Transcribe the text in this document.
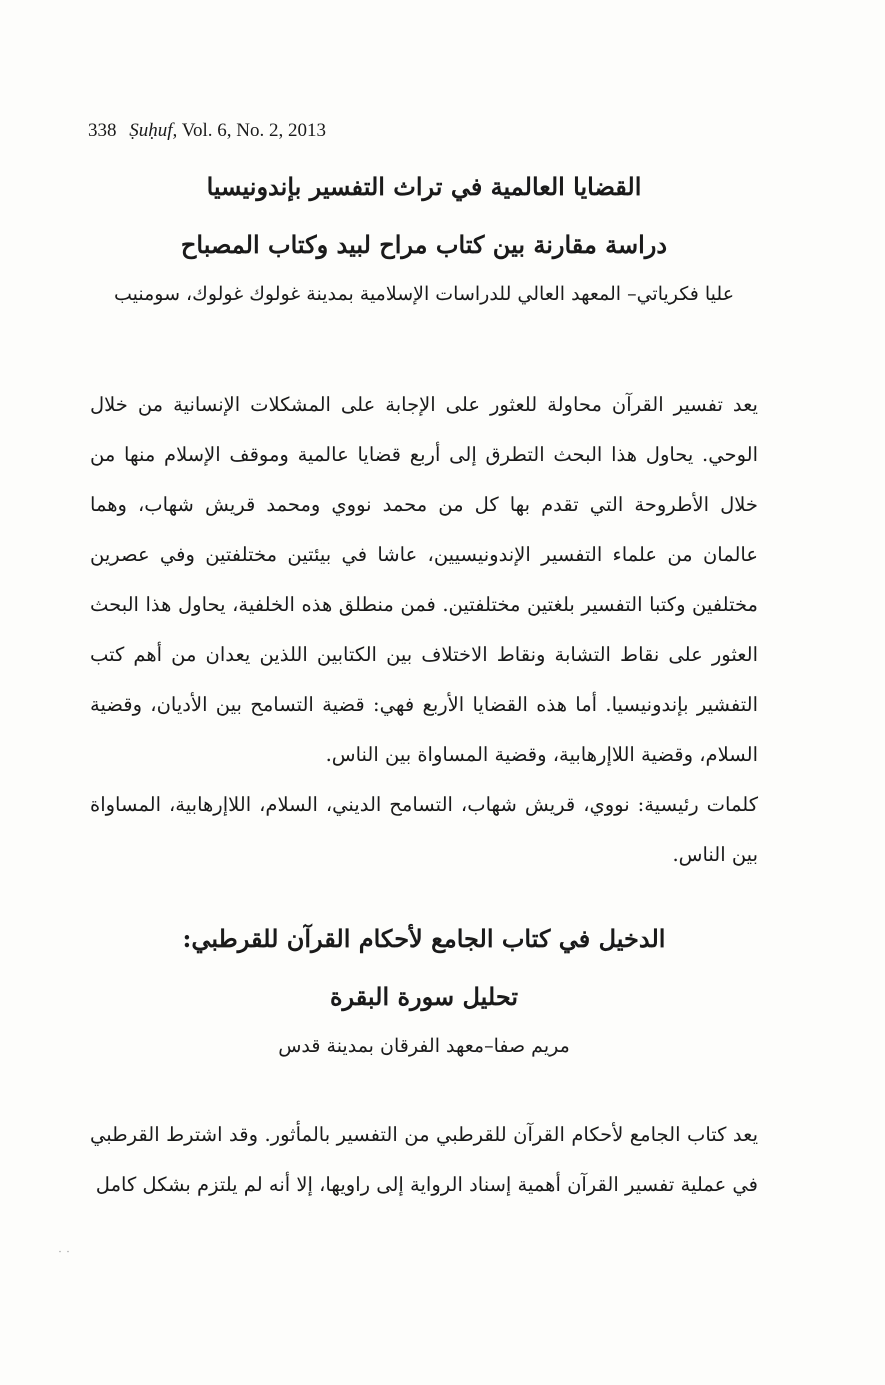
338 Ṣuḥuf, Vol. 6, No. 2, 2013
القضايا العالمية في تراث التفسير بإندونيسيا
دراسة مقارنة بين كتاب مراح لبيد وكتاب المصباح

عليا فكرياتي– المعهد العالي للدراسات الإسلامية بمدينة غولوك غولوك، سومنيب

يعد تفسير القرآن محاولة للعثور على الإجابة على المشكلات الإنسانية من خلال الوحي. يحاول هذا البحث التطرق إلى أربع قضايا عالمية وموقف الإسلام منها من خلال الأطروحة التي تقدم بها كل من محمد نووي ومحمد قريش شهاب، وهما عالمان من علماء التفسير الإندونيسيين، عاشا في بيئتين مختلفتين وفي عصرين مختلفين وكتبا التفسير بلغتين مختلفتين. فمن منطلق هذه الخلفية، يحاول هذا البحث العثور على نقاط التشابة ونقاط الاختلاف بين الكتابين اللذين يعدان من أهم كتب التفشير بإندونيسيا. أما هذه القضايا الأربع فهي: قضية التسامح بين الأديان، وقضية السلام، وقضية اللاإرهابية، وقضية المساواة بين الناس.

كلمات رئيسية: نووي، قريش شهاب، التسامح الديني، السلام، اللاإرهابية، المساواة بين الناس.

الدخيل في كتاب الجامع لأحكام القرآن للقرطبي:
تحليل سورة البقرة

مريم صفا–معهد الفرقان بمدينة قدس

يعد كتاب الجامع لأحكام القرآن للقرطبي من التفسير بالمأثور. وقد اشترط القرطبي في عملية تفسير القرآن أهمية إسناد الرواية إلى راويها، إلا أنه لم يلتزم بشكل كامل
